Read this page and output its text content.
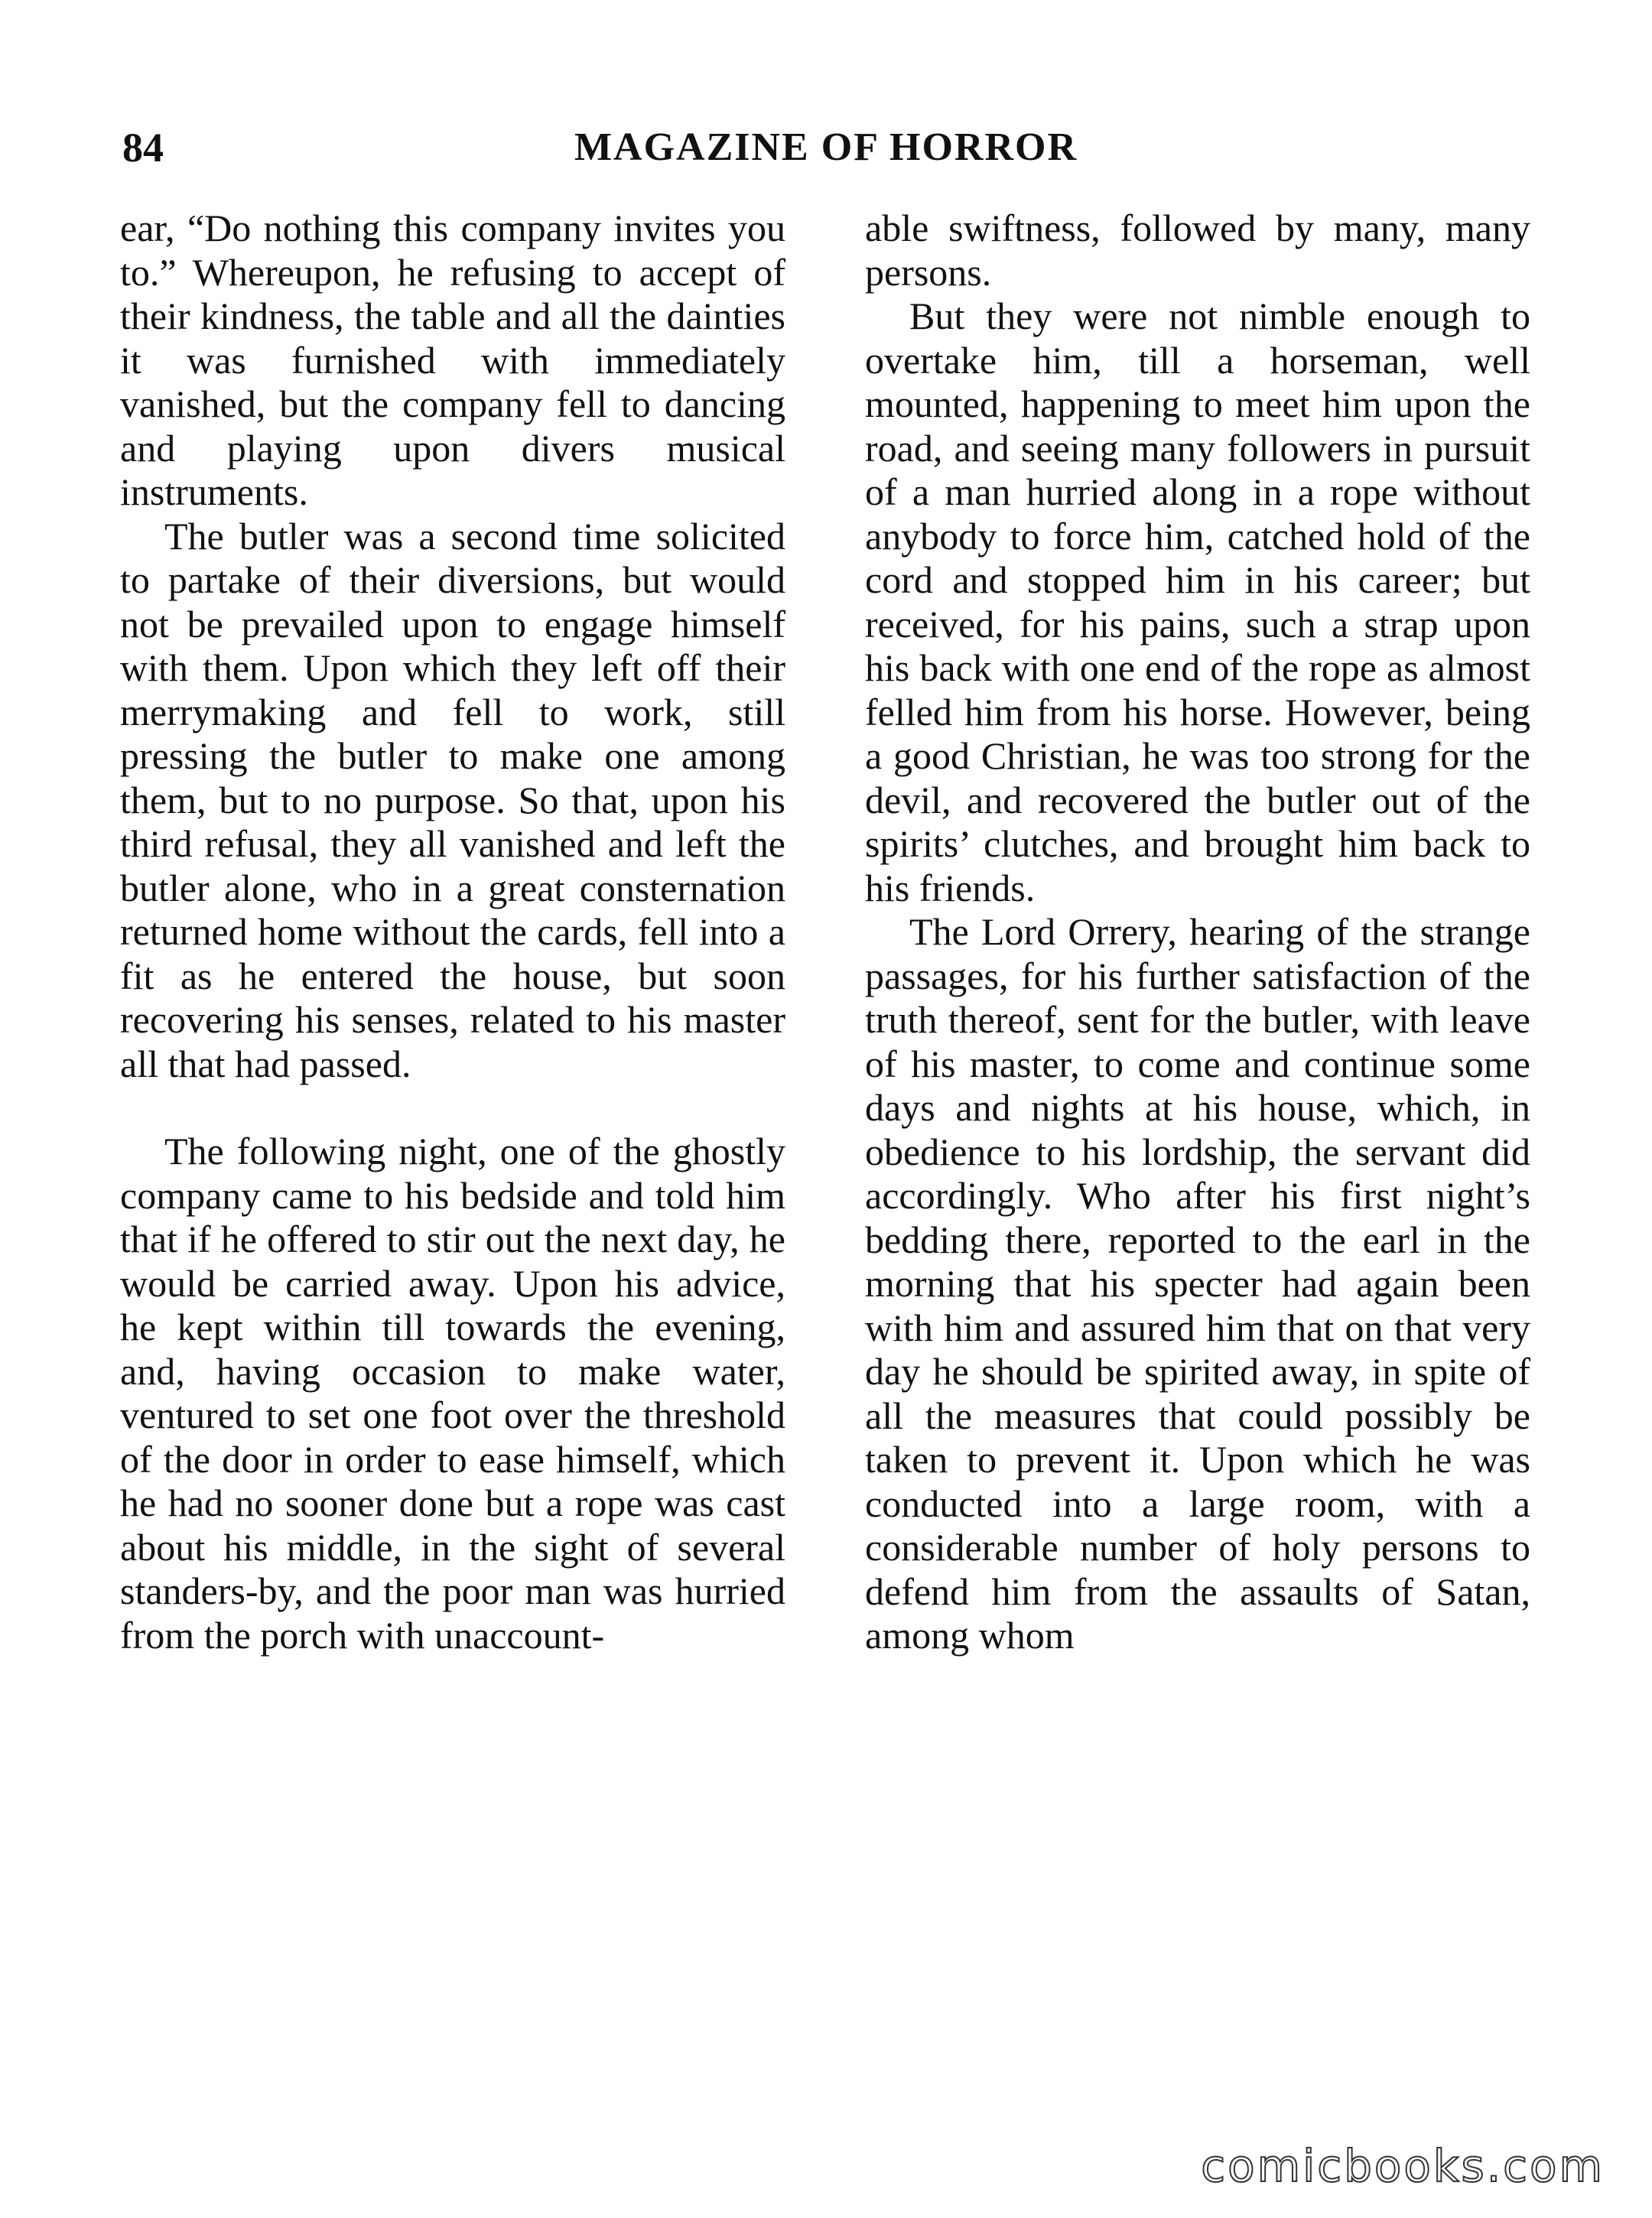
84	MAGAZINE OF HORROR

ear, “Do nothing this company invites you to.” Whereupon, he refusing to accept of their kindness, the table and all the dainties it was furnished with immediately vanished, but the company fell to dancing and playing upon divers musical instruments.

The butler was a second time solicited to partake of their diversions, but would not be prevailed upon to engage himself with them. Upon which they left off their merrymaking and fell to work, still pressing the butler to make one among them, but to no purpose. So that, upon his third refusal, they all vanished and left the butler alone, who in a great consternation returned home without the cards, fell into a fit as he entered the house, but soon recovering his senses, related to his master all that had passed.

The following night, one of the ghostly company came to his bedside and told him that if he offered to stir out the next day, he would be carried away. Upon his advice, he kept within till towards the evening, and, having occasion to make water, ventured to set one foot over the threshold of the door in order to ease himself, which he had no sooner done but a rope was cast about his middle, in the sight of several standers-by, and the poor man was hurried from the porch with unaccount-

able swiftness, followed by many, many persons.

But they were not nimble enough to overtake him, till a horseman, well mounted, happening to meet him upon the road, and seeing many followers in pursuit of a man hurried along in a rope without anybody to force him, catched hold of the cord and stopped him in his career; but received, for his pains, such a strap upon his back with one end of the rope as almost felled him from his horse. However, being a good Christian, he was too strong for the devil, and recovered the butler out of the spirits’ clutches, and brought him back to his friends.

The Lord Orrery, hearing of the strange passages, for his further satisfaction of the truth thereof, sent for the butler, with leave of his master, to come and continue some days and nights at his house, which, in obedience to his lordship, the servant did accordingly. Who after his first night’s bedding there, reported to the earl in the morning that his specter had again been with him and assured him that on that very day he should be spirited away, in spite of all the measures that could possibly be taken to prevent it. Upon which he was conducted into a large room, with a considerable number of holy persons to defend him from the assaults of Satan, among whom

comicbooks.com
